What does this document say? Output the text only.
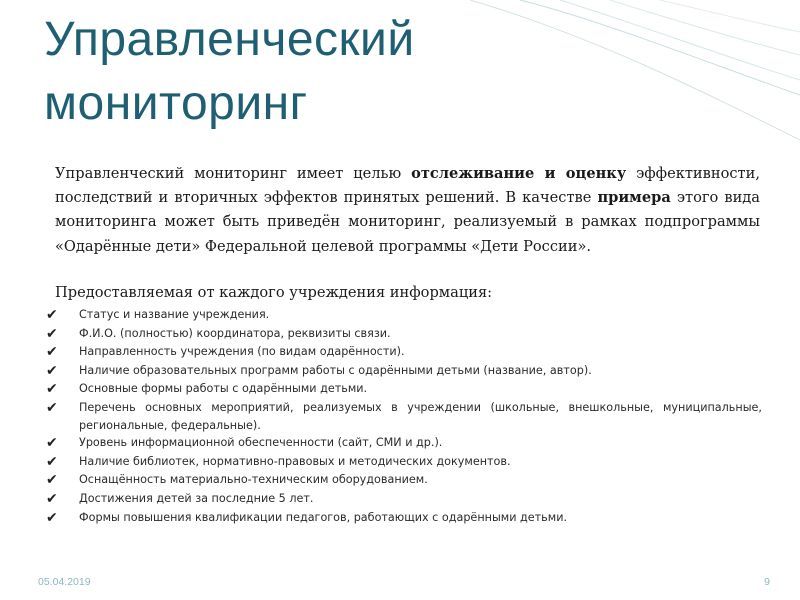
Управленческий
мониторинг

Управленческий мониторинг имеет целью отслеживание и оценку эффективности, последствий и вторичных эффектов принятых решений. В качестве примера этого вида мониторинга может быть приведён мониторинг, реализуемый в рамках подпрограммы «Одарённые дети» Федеральной целевой программы «Дети России».

Предоставляемая от каждого учреждения информация:

✔ Статус и название учреждения.
✔ Ф.И.О. (полностью) координатора, реквизиты связи.
✔ Направленность учреждения (по видам одарённости).
✔ Наличие образовательных программ работы с одарёнными детьми (название, автор).
✔ Основные формы работы с одарёнными детьми.
✔ Перечень основных мероприятий, реализуемых в учреждении (школьные, внешкольные, муниципальные, региональные, федеральные).
✔ Уровень информационной обеспеченности (сайт, СМИ и др.).
✔ Наличие библиотек, нормативно-правовых и методических документов.
✔ Оснащённость материально-техническим оборудованием.
✔ Достижения детей за последние 5 лет.
✔ Формы повышения квалификации педагогов, работающих с одарёнными детьми.
05.04.2019	9
